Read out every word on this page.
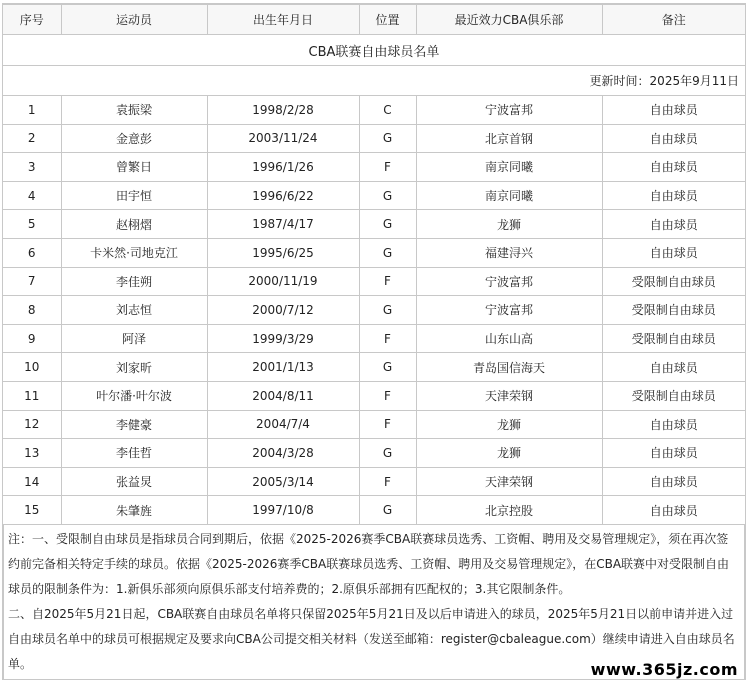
CBA联赛自由球员名单					
更新时间：2025年9月11日					
序号	运动员	出生年月日	位置	最近效力CBA俱乐部	备注
1	袁振梁	1998/2/28	C	宁波富邦	自由球员
2	金意彭	2003/11/24	G	北京首钢	自由球员
3	曾繁日	1996/1/26	F	南京同曦	自由球员
4	田宇恒	1996/6/22	G	南京同曦	自由球员
5	赵栩熠	1987/4/17	G	龙狮	自由球员
6	卡米然·司地克江	1995/6/25	G	福建浔兴	自由球员
7	李佳朔	2000/11/19	F	宁波富邦	受限制自由球员
8	刘志恒	2000/7/12	G	宁波富邦	受限制自由球员
9	阿泽	1999/3/29	F	山东山高	受限制自由球员
10	刘家昕	2001/1/13	G	青岛国信海天	自由球员
11	叶尔潘·叶尔波	2004/8/11	F	天津荣钢	受限制自由球员
12	李健豪	2004/7/4	F	龙狮	自由球员
13	李佳哲	2004/3/28	G	龙狮	自由球员
14	张益炅	2005/3/14	F	天津荣钢	自由球员
15	朱肇旌	1997/10/8	G	北京控股	自由球员

注：一、受限制自由球员是指球员合同到期后，依据《2025-2026赛季CBA联赛球员选秀、工资帽、聘用及交易管理规定》，须在再次签约前完备相关特定手续的球员。依据《2025-2026赛季CBA联赛球员选秀、工资帽、聘用及交易管理规定》，在CBA联赛中对受限制自由球员的限制条件为：1.新俱乐部须向原俱乐部支付培养费的；2.原俱乐部拥有匹配权的；3.其它限制条件。

二、自2025年5月21日起，CBA联赛自由球员名单将只保留2025年5月21日及以后申请进入的球员，2025年5月21日以前申请并进入过自由球员名单中的球员可根据规定及要求向CBA公司提交相关材料（发送至邮箱：register@cbaleague.com）继续申请进入自由球员名单。	www.365jz.com
